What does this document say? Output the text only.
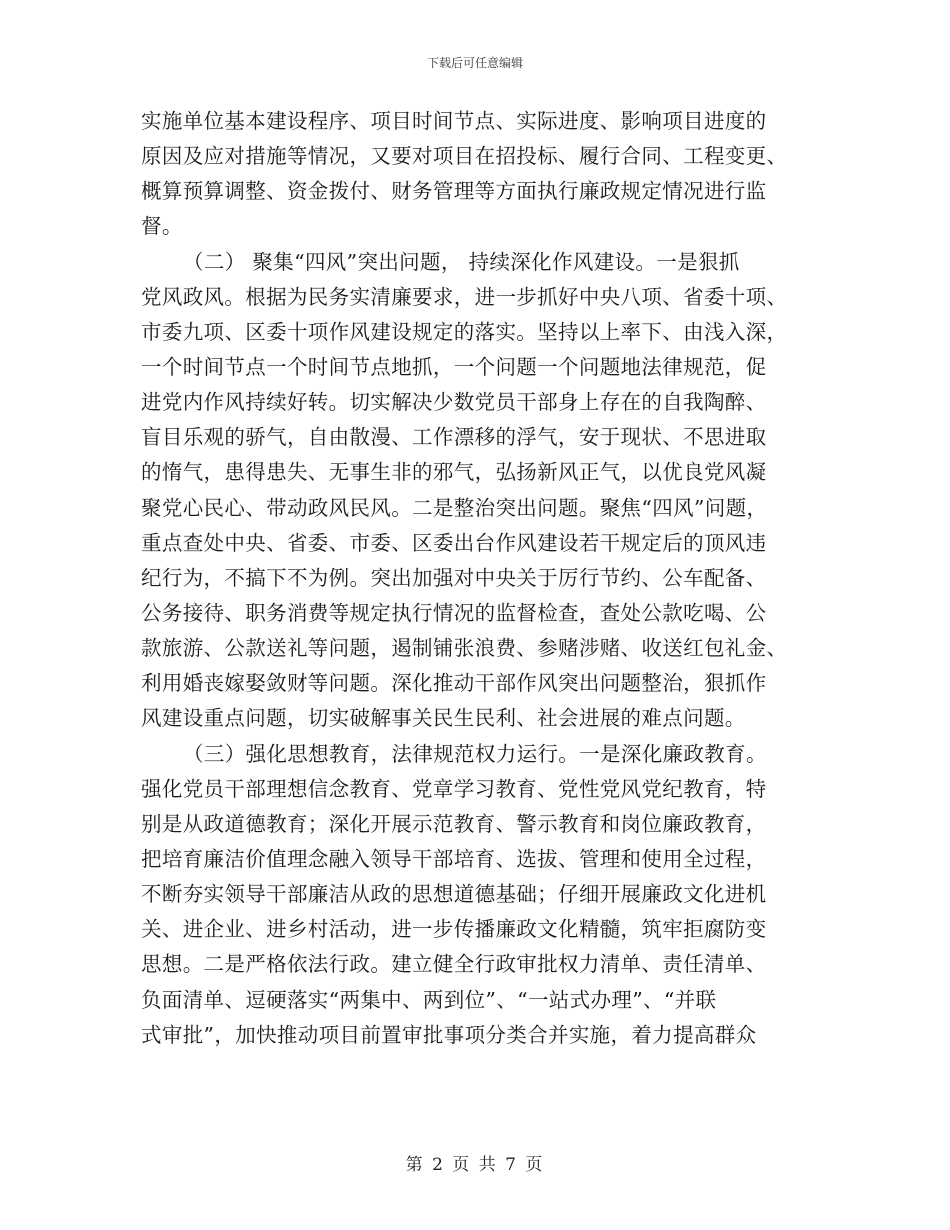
下载后可任意编辑
实施单位基本建设程序、项目时间节点、实际进度、影响项目进度的
原因及应对措施等情况，又要对项目在招投标、履行合同、工程变更、
概算预算调整、资金拨付、财务管理等方面执行廉政规定情况进行监
督。
（二） 聚集“四风”突出问题， 持续深化作风建设。一是狠抓
党风政风。根据为民务实清廉要求，进一步抓好中央八项、省委十项、
市委九项、区委十项作风建设规定的落实。坚持以上率下、由浅入深，
一个时间节点一个时间节点地抓，一个问题一个问题地法律规范，促
进党内作风持续好转。切实解决少数党员干部身上存在的自我陶醉、
盲目乐观的骄气，自由散漫、工作漂移的浮气，安于现状、不思进取
的惰气，患得患失、无事生非的邪气，弘扬新风正气，以优良党风凝
聚党心民心、带动政风民风。二是整治突出问题。聚焦“四风”问题，
重点查处中央、省委、市委、区委出台作风建设若干规定后的顶风违
纪行为，不搞下不为例。突出加强对中央关于厉行节约、公车配备、
公务接待、职务消费等规定执行情况的监督检查，查处公款吃喝、公
款旅游、公款送礼等问题，遏制铺张浪费、参赌涉赌、收送红包礼金、
利用婚丧嫁娶敛财等问题。深化推动干部作风突出问题整治，狠抓作
风建设重点问题，切实破解事关民生民利、社会进展的难点问题。
（三）强化思想教育，法律规范权力运行。一是深化廉政教育。
强化党员干部理想信念教育、党章学习教育、党性党风党纪教育，特
别是从政道德教育；深化开展示范教育、警示教育和岗位廉政教育，
把培育廉洁价值理念融入领导干部培育、选拔、管理和使用全过程，
不断夯实领导干部廉洁从政的思想道德基础；仔细开展廉政文化进机
关、进企业、进乡村活动，进一步传播廉政文化精髓，筑牢拒腐防变
思想。二是严格依法行政。建立健全行政审批权力清单、责任清单、
负面清单、逗硬落实“两集中、两到位”、“一站式办理”、“并联
式审批”，加快推动项目前置审批事项分类合并实施，着力提高群众
第 2 页 共 7 页
